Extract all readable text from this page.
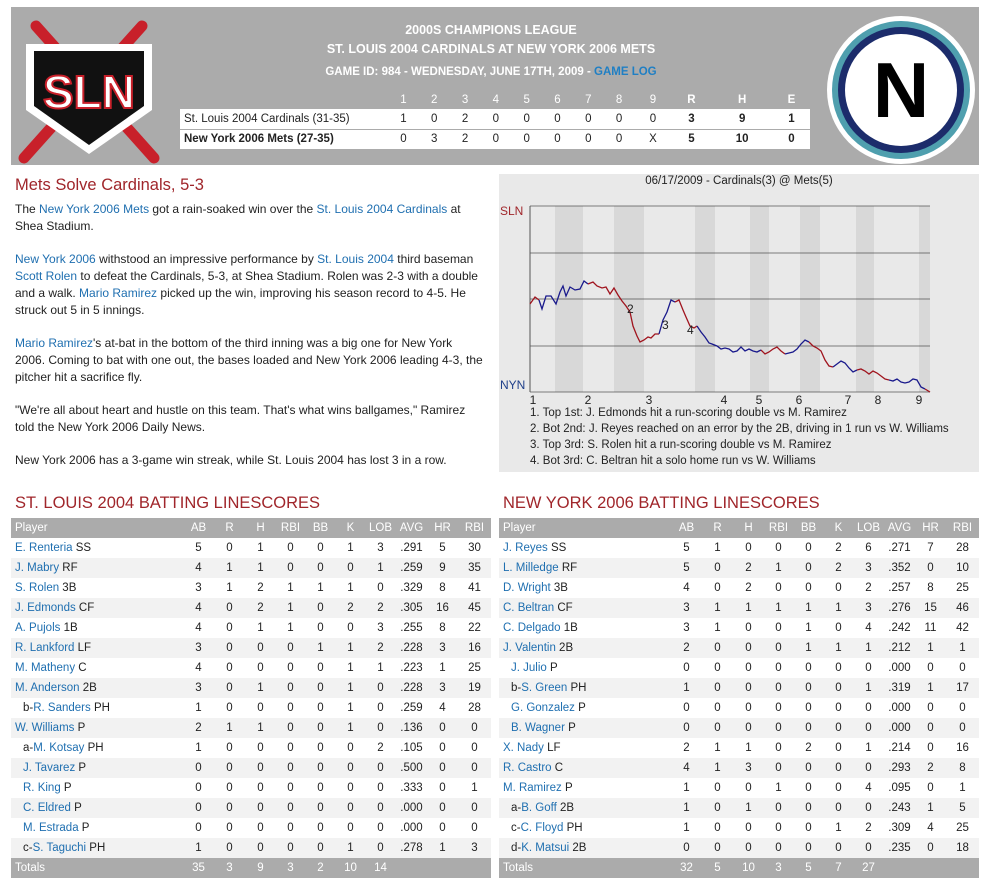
SLN
2000S CHAMPIONS LEAGUE
ST. LOUIS 2004 CARDINALS AT NEW YORK 2006 METS
GAME ID: 984 - WEDNESDAY, JUNE 17TH, 2009 - GAME LOG
	1	2	3	4	5	6	7	8	9	R	H	E
St. Louis 2004 Cardinals (31-35)	1	0	2	0	0	0	0	0	0	3	9	1
New York 2006 Mets (27-35)	0	3	2	0	0	0	0	0	X	5	10	0
N
Mets Solve Cardinals, 5-3

The New York 2006 Mets got a rain-soaked win over the St. Louis 2004 Cardinals at Shea Stadium.

New York 2006 withstood an impressive performance by St. Louis 2004 third baseman Scott Rolen to defeat the Cardinals, 5-3, at Shea Stadium. Rolen was 2-3 with a double and a walk. Mario Ramirez picked up the win, improving his season record to 4-5. He struck out 5 in 5 innings.

Mario Ramirez's at-bat in the bottom of the third inning was a big one for New York 2006. Coming to bat with one out, the bases loaded and New York 2006 leading 4-3, the pitcher hit a sacrifice fly.

"We're all about heart and hustle on this team. That's what wins ballgames," Ramirez told the New York 2006 Daily News.

New York 2006 has a 3-game win streak, while St. Louis 2004 has lost 3 in a row.

SLN
NYN
2
3 4
1	2	3	4 5	6	7 8	9
06/17/2009 - Cardinals(3) @ Mets(5)
1. Top 1st: J. Edmonds hit a run-scoring double vs M. Ramirez
2. Bot 2nd: J. Reyes reached on an error by the 2B, driving in 1 run vs W. Williams
3. Top 3rd: S. Rolen hit a run-scoring double vs M. Ramirez
4. Bot 3rd: C. Beltran hit a solo home run vs W. Williams
ST. LOUIS 2004 BATTING LINESCORES
Player	AB	R	H	RBI	BB	K	LOB	AVG	HR	RBI
E. Renteria SS	5	0	1	0	0	1	3	.291	5	30
J. Mabry RF	4	1	1	0	0	0	1	.259	9	35
S. Rolen 3B	3	1	2	1	1	1	0	.329	8	41
J. Edmonds CF	4	0	2	1	0	2	2	.305	16	45
A. Pujols 1B	4	0	1	1	0	0	3	.255	8	22
R. Lankford LF	3	0	0	0	1	1	2	.228	3	16
M. Matheny C	4	0	0	0	0	1	1	.223	1	25
M. Anderson 2B	3	0	1	0	0	1	0	.228	3	19
b-R. Sanders PH	1	0	0	0	0	1	0	.259	4	28
W. Williams P	2	1	1	0	0	1	0	.136	0	0
a-M. Kotsay PH	1	0	0	0	0	0	2	.105	0	0
J. Tavarez P	0	0	0	0	0	0	0	.500	0	0
R. King P	0	0	0	0	0	0	0	.333	0	1
C. Eldred P	0	0	0	0	0	0	0	.000	0	0
M. Estrada P	0	0	0	0	0	0	0	.000	0	0
c-S. Taguchi PH	1	0	0	0	0	1	0	.278	1	3
Totals	35	3	9	3	2	10	14			
NEW YORK 2006 BATTING LINESCORES
Player	AB	R	H	RBI	BB	K	LOB	AVG	HR	RBI
J. Reyes SS	5	1	0	0	0	2	6	.271	7	28
L. Milledge RF	5	0	2	1	0	2	3	.352	0	10
D. Wright 3B	4	0	2	0	0	0	2	.257	8	25
C. Beltran CF	3	1	1	1	1	1	3	.276	15	46
C. Delgado 1B	3	1	0	0	1	0	4	.242	11	42
J. Valentin 2B	2	0	0	0	1	1	1	.212	1	1
J. Julio P	0	0	0	0	0	0	0	.000	0	0
b-S. Green PH	1	0	0	0	0	0	1	.319	1	17
G. Gonzalez P	0	0	0	0	0	0	0	.000	0	0
B. Wagner P	0	0	0	0	0	0	0	.000	0	0
X. Nady LF	2	1	1	0	2	0	1	.214	0	16
R. Castro C	4	1	3	0	0	0	0	.293	2	8
M. Ramirez P	1	0	0	1	0	0	4	.095	0	1
a-B. Goff 2B	1	0	1	0	0	0	0	.243	1	5
c-C. Floyd PH	1	0	0	0	0	1	2	.309	4	25
d-K. Matsui 2B	0	0	0	0	0	0	0	.235	0	18
Totals	32	5	10	3	5	7	27			
